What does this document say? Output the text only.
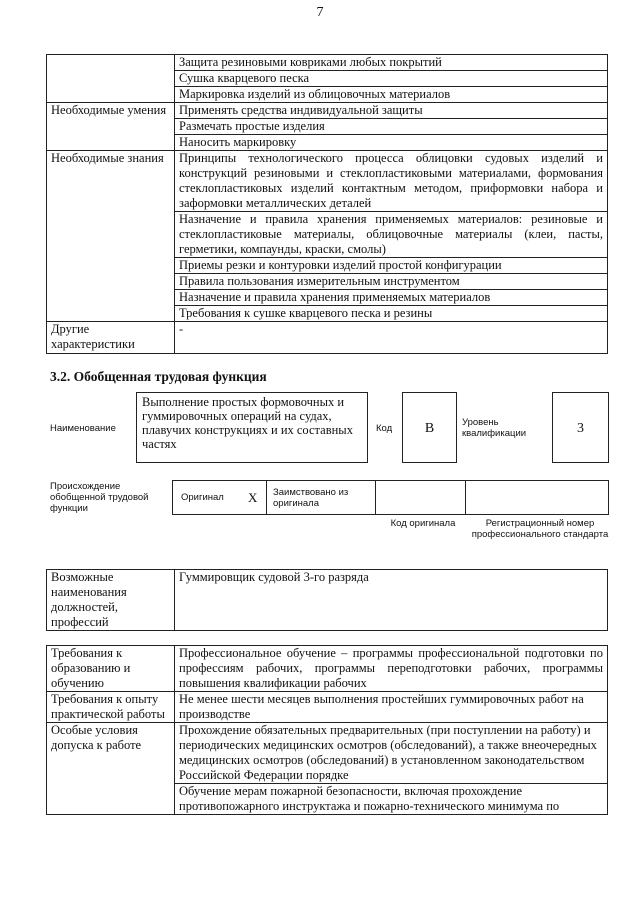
7
	Защита резиновыми ковриками любых покрытий
	Сушка кварцевого песка
	Маркировка изделий из облицовочных материалов
Необходимые умения	Применять средства индивидуальной защиты
	Размечать простые изделия
	Наносить маркировку
Необходимые знания	Принципы технологического процесса облицовки судовых изделий и конструкций резиновыми и стеклопластиковыми материалами, формования стеклопластиковых изделий контактным методом, приформовки набора и заформовки металлических деталей
	Назначение и правила хранения применяемых материалов: резиновые и стеклопластиковые материалы, облицовочные материалы (клеи, пасты, герметики, компаунды, краски, смолы)
	Приемы резки и контуровки изделий простой конфигурации
	Правила пользования измерительным инструментом
	Назначение и правила хранения применяемых материалов
	Требования к сушке кварцевого песка и резины
Другие характеристики	-
3.2. Обобщенная трудовая функция
Наименование
Выполнение простых формовочных и гуммировочных операций на судах, плавучих конструкциях и их составных частях
Код	B	Уровень квалификации	3
Происхождение обобщенной трудовой функции
Оригинал X Заимствовано из оригинала
Код оригинала	Регистрационный номер профессионального стандарта
Возможные наименования должностей, профессий	Гуммировщик судовой 3-го разряда
Требования к образованию и обучению	Профессиональное обучение – программы профессиональной подготовки по профессиям рабочих, программы переподготовки рабочих, программы повышения квалификации рабочих
Требования к опыту практической работы	Не менее шести месяцев выполнения простейших гуммировочных работ на производстве
Особые условия допуска к работе	Прохождение обязательных предварительных (при поступлении на работу) и периодических медицинских осмотров (обследований), а также внеочередных медицинских осмотров (обследований) в установленном законодательством Российской Федерации порядке
	Обучение мерам пожарной безопасности, включая прохождение противопожарного инструктажа и пожарно-технического минимума по
